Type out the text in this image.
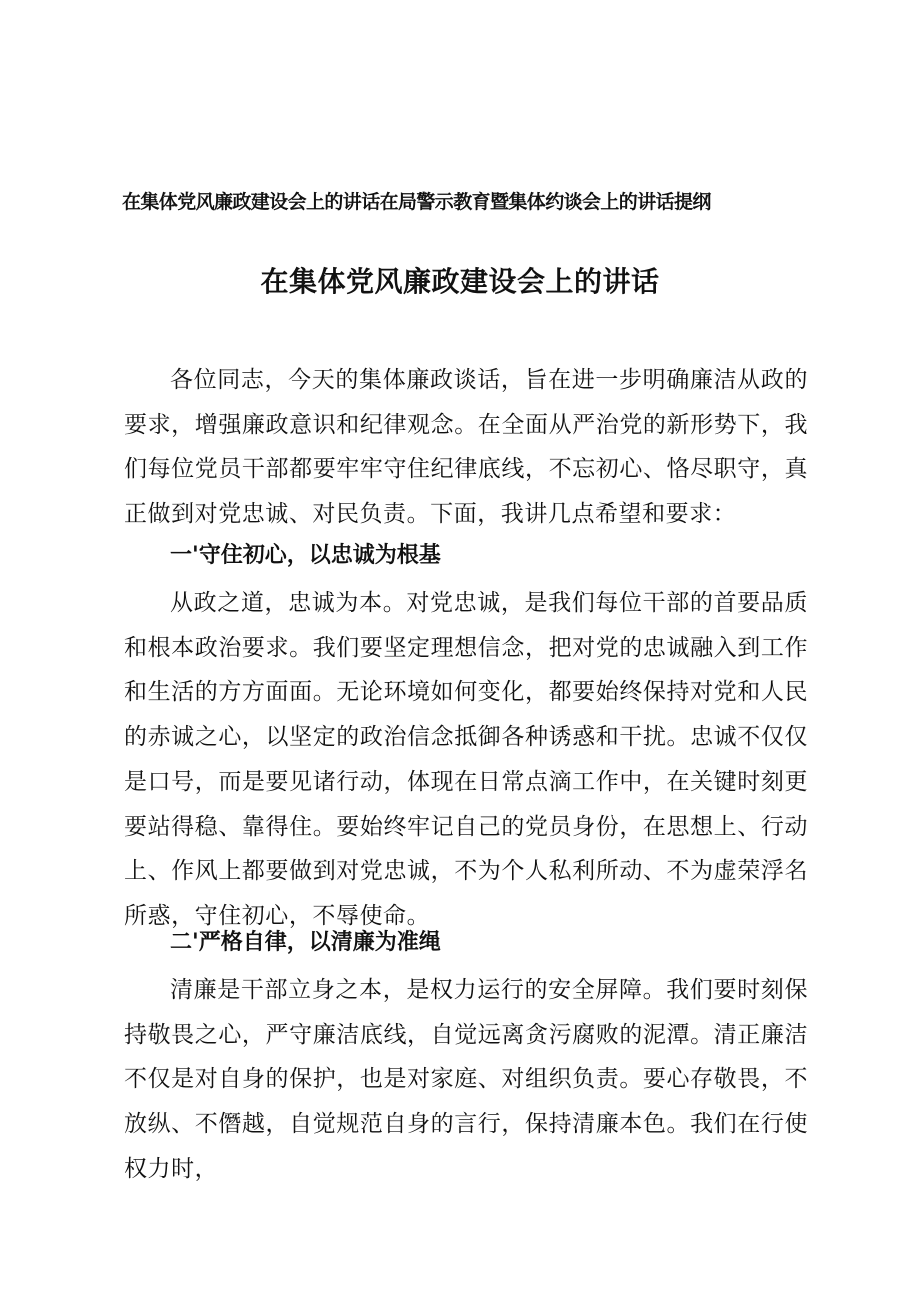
在集体党风廉政建设会上的讲话在局警示教育暨集体约谈会上的讲话提纲
在集体党风廉政建设会上的讲话
各位同志，今天的集体廉政谈话，旨在进一步明确廉洁从政的要求，增强廉政意识和纪律观念。在全面从严治党的新形势下，我们每位党员干部都要牢牢守住纪律底线，不忘初心、恪尽职守，真正做到对党忠诚、对民负责。下面，我讲几点希望和要求：
一'守住初心，以忠诚为根基
从政之道，忠诚为本。对党忠诚，是我们每位干部的首要品质和根本政治要求。我们要坚定理想信念，把对党的忠诚融入到工作和生活的方方面面。无论环境如何变化，都要始终保持对党和人民的赤诚之心，以坚定的政治信念抵御各种诱惑和干扰。忠诚不仅仅是口号，而是要见诸行动，体现在日常点滴工作中，在关键时刻更要站得稳、靠得住。要始终牢记自己的党员身份，在思想上、行动上、作风上都要做到对党忠诚，不为个人私利所动、不为虚荣浮名所惑，守住初心，不辱使命。
二'严格自律，以清廉为准绳
清廉是干部立身之本，是权力运行的安全屏障。我们要时刻保持敬畏之心，严守廉洁底线，自觉远离贪污腐败的泥潭。清正廉洁不仅是对自身的保护，也是对家庭、对组织负责。要心存敬畏，不放纵、不僭越，自觉规范自身的言行，保持清廉本色。我们在行使权力时，
